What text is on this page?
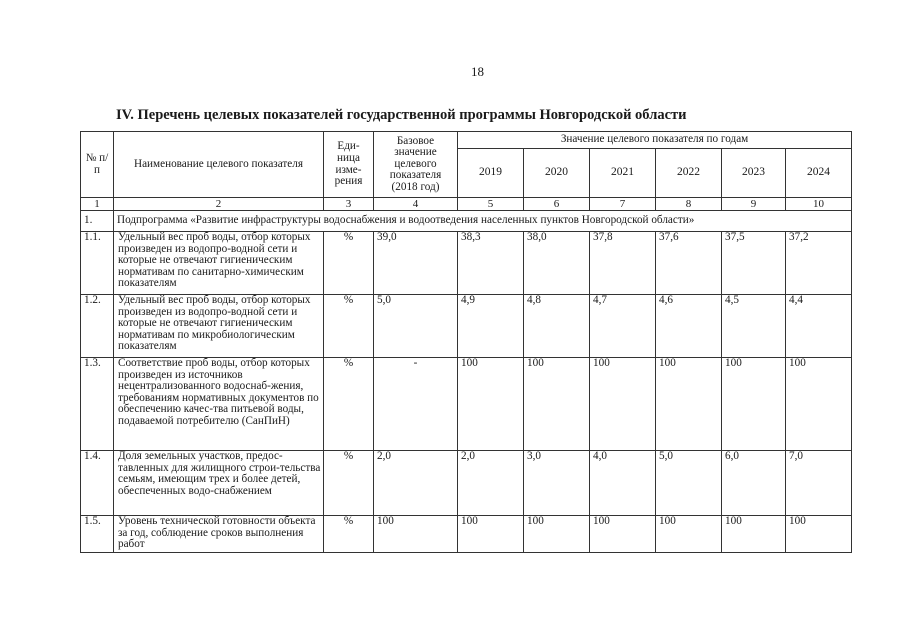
18
IV. Перечень целевых показателей государственной программы Новгородской области
№ п/п	Наименование целевого показателя	Еди-ница изме-рения	Базовое значение целевого показателя (2018 год)	Значение целевого показателя по годам					
				2019	2020	2021	2022	2023	2024
1	2	3	4	5	6	7	8	9	10
1.	Подпрограмма «Развитие инфраструктуры водоснабжения и водоотведения населенных пунктов Новгородской области»								
1.1.	Удельный вес проб воды, отбор которых произведен из водопро-водной сети и которые не отвечают гигиеническим нормативам по санитарно-химическим показателям	%	39,0	38,3	38,0	37,8	37,6	37,5	37,2
1.2.	Удельный вес проб воды, отбор которых произведен из водопро-водной сети и которые не отвечают гигиеническим нормативам по микробиологическим показателям	%	5,0	4,9	4,8	4,7	4,6	4,5	4,4
1.3.	Соответствие проб воды, отбор которых произведен из источников нецентрализованного водоснаб-жения, требованиям нормативных документов по обеспечению качес-тва питьевой воды, подаваемой потребителю (СанПиН)	%	-	100	100	100	100	100	100
1.4.	Доля земельных участков, предос-тавленных для жилищного строи-тельства семьям, имеющим трех и более детей, обеспеченных водо-снабжением	%	2,0	2,0	3,0	4,0	5,0	6,0	7,0
1.5.	Уровень технической готовности объекта за год, соблюдение сроков выполнения работ	%	100	100	100	100	100	100	100
